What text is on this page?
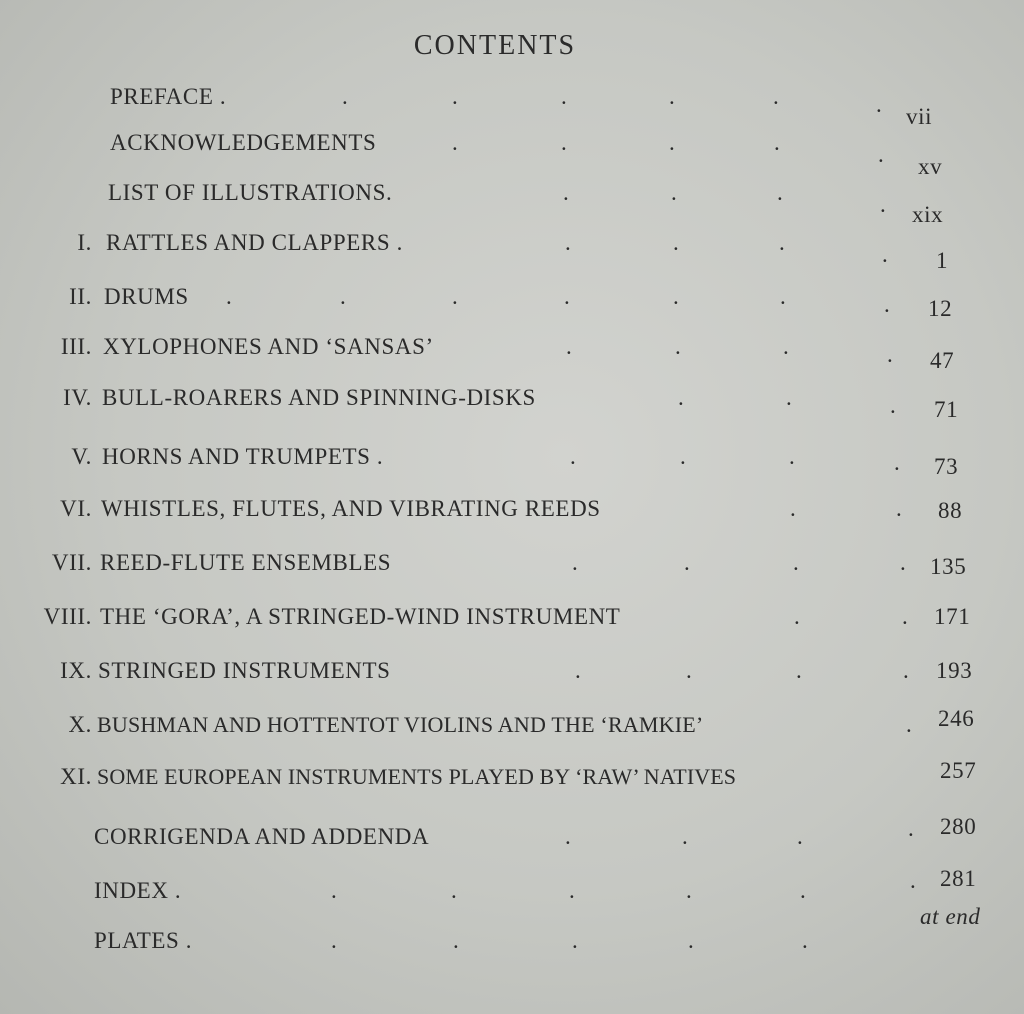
CONTENTS
PREFACE .	.	.	.	.	.	. vii
ACKNOWLEDGEMENTS	.	.	.	.	. xv
LIST OF ILLUSTRATIONS.	.	.	.	. xix
I. RATTLES AND CLAPPERS .	.	.	.	. 1
II. DRUMS .	.	.	.	.	.	. 12
III. XYLOPHONES AND ‘SANSAS’	.	.	.	. 47
IV. BULL-ROARERS AND SPINNING-DISKS	.	.	. 71
V. HORNS AND TRUMPETS .	.	.	.	. 73
VI. WHISTLES, FLUTES, AND VIBRATING REEDS	.	. 88
VII. REED-FLUTE ENSEMBLES	.	.	.	. 135
VIII. THE ‘GORA’, A STRINGED-WIND INSTRUMENT	.	. 171
IX. STRINGED INSTRUMENTS	.	.	.	. 193
X. BUSHMAN AND HOTTENTOT VIOLINS AND THE ‘RAMKIE’	. 246
XI. SOME EUROPEAN INSTRUMENTS PLAYED BY ‘RAW’ NATIVES	257
CORRIGENDA AND ADDENDA	.	.	.	. 280
INDEX .	.	.	.	.	.	. 281
PLATES .	.	.	.	.	.
at end
